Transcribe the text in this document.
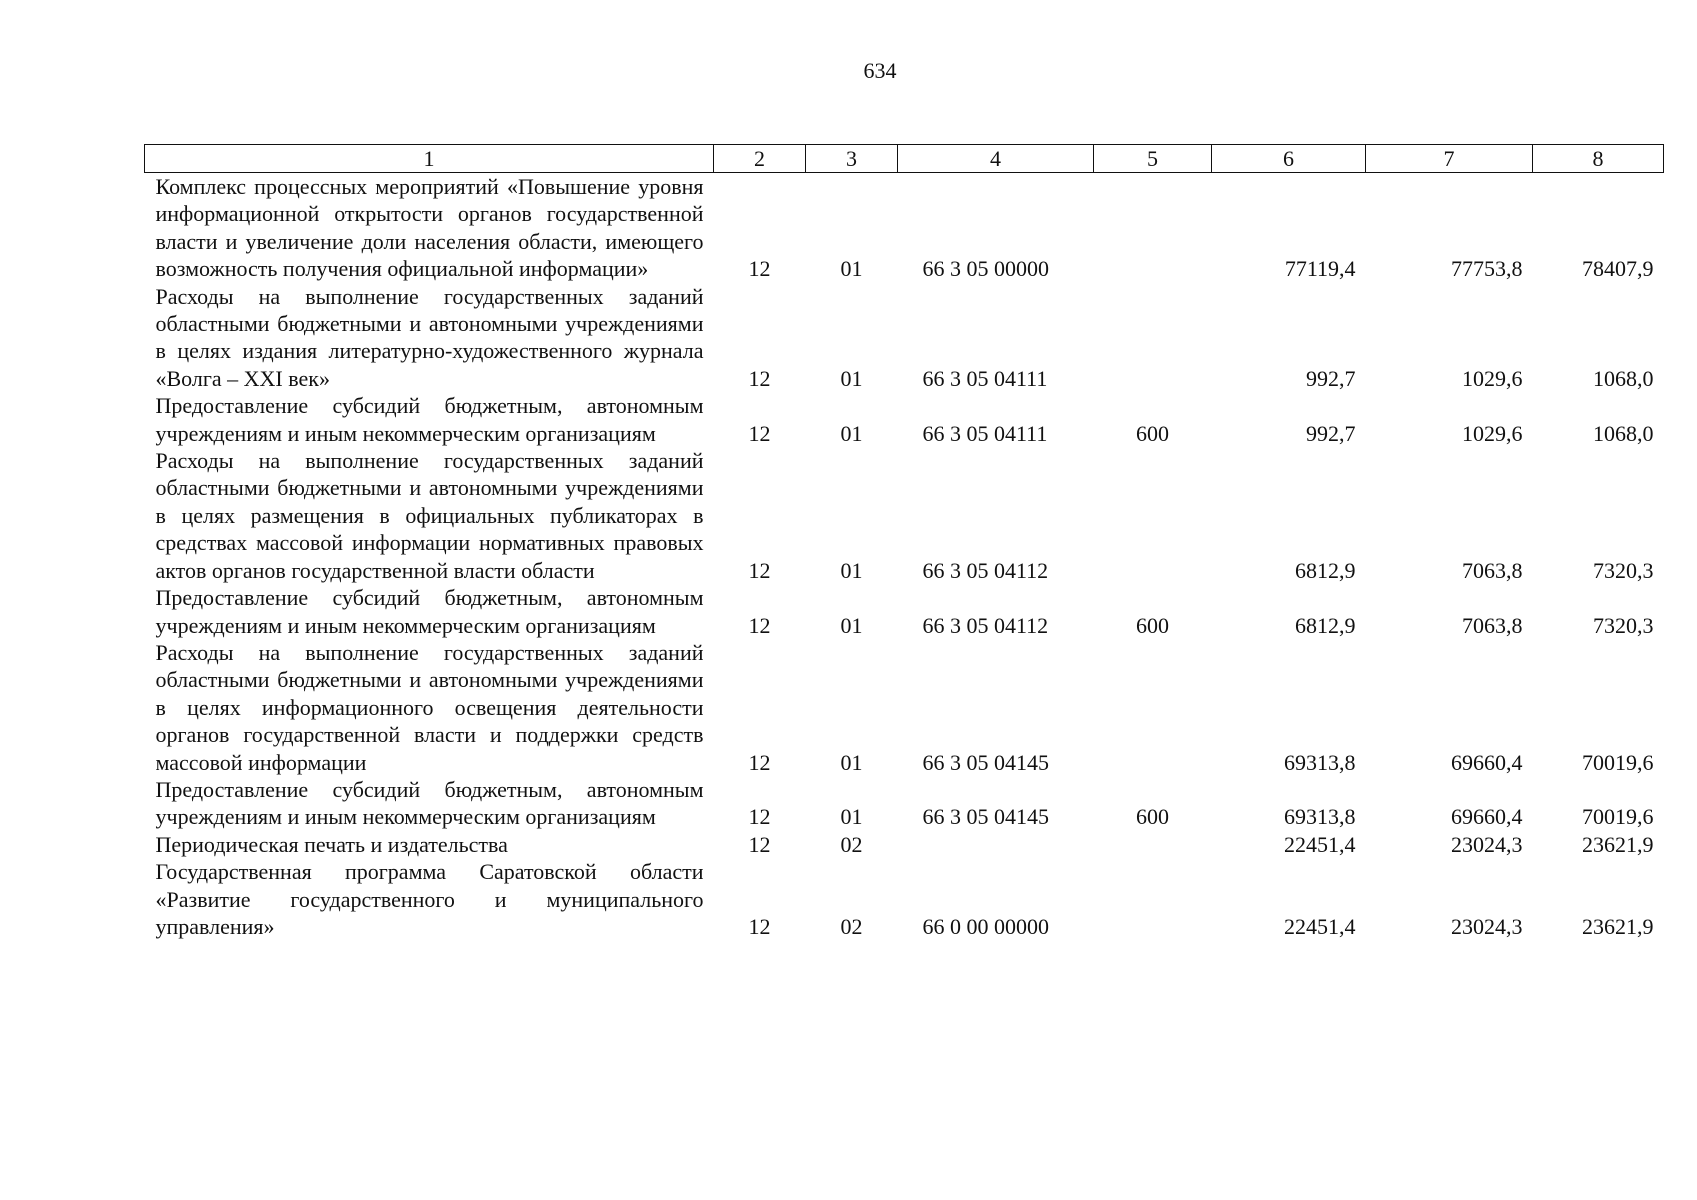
634
1	2	3	4	5	6	7	8
Комплекс процессных мероприятий «Повышение уровня информационной открытости органов государственной власти и увеличение доли населения области, имеющего возможность получения официальной информации»	12	01	66 3 05 00000		77119,4	77753,8	78407,9
Расходы на выполнение государственных заданий областными бюджетными и автономными учреждениями в целях издания литературно-художественного журнала «Волга – XXI век»	12	01	66 3 05 04111		992,7	1029,6	1068,0
Предоставление субсидий бюджетным, автономным учреждениям и иным некоммерческим организациям	12	01	66 3 05 04111	600	992,7	1029,6	1068,0
Расходы на выполнение государственных заданий областными бюджетными и автономными учреждениями в целях размещения в официальных публикаторах в средствах массовой информации нормативных правовых актов органов государственной власти области	12	01	66 3 05 04112		6812,9	7063,8	7320,3
Предоставление субсидий бюджетным, автономным учреждениям и иным некоммерческим организациям	12	01	66 3 05 04112	600	6812,9	7063,8	7320,3
Расходы на выполнение государственных заданий областными бюджетными и автономными учреждениями в целях информационного освещения деятельности органов государственной власти и поддержки средств массовой информации	12	01	66 3 05 04145		69313,8	69660,4	70019,6
Предоставление субсидий бюджетным, автономным учреждениям и иным некоммерческим организациям	12	01	66 3 05 04145	600	69313,8	69660,4	70019,6
Периодическая печать и издательства	12	02			22451,4	23024,3	23621,9
Государственная программа Саратовской области «Развитие государственного и муниципального управления»	12	02	66 0 00 00000		22451,4	23024,3	23621,9
